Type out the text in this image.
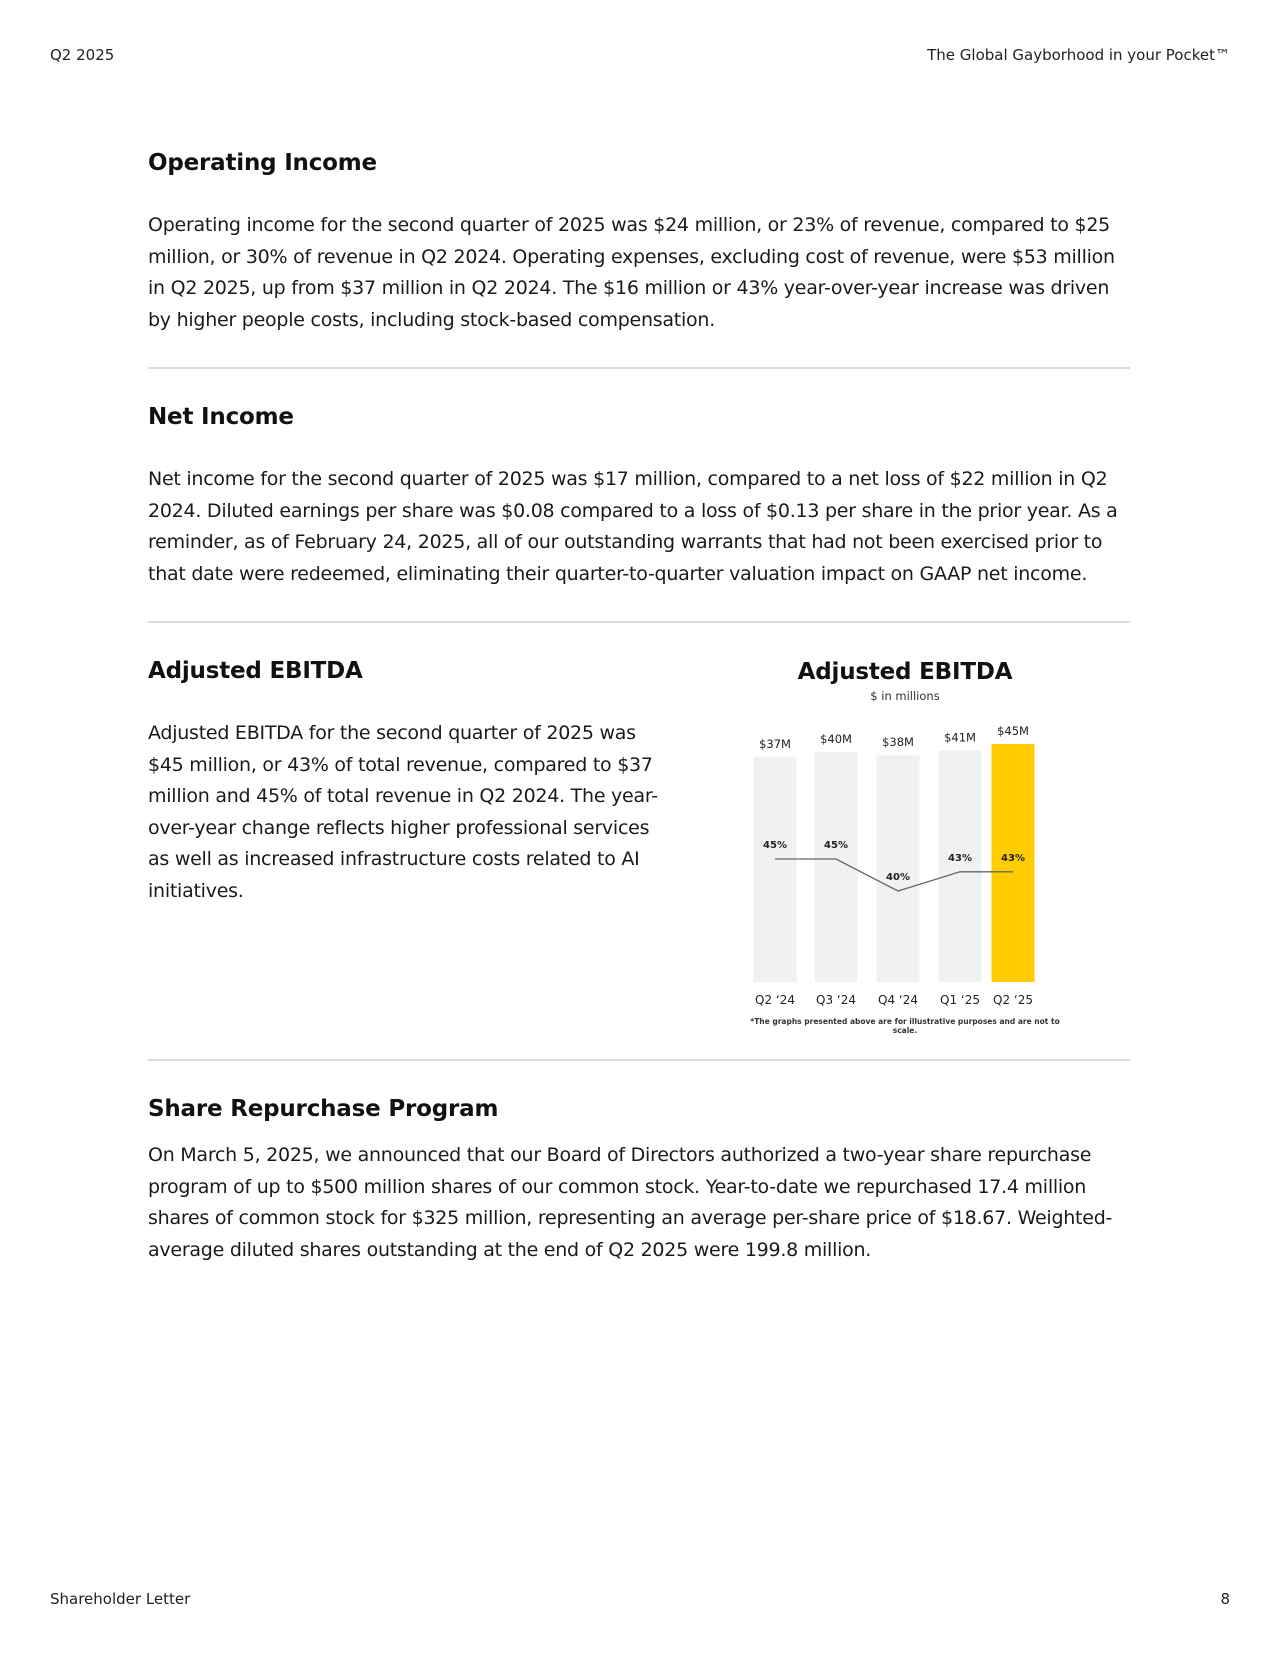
Q2 2025	The Global Gayborhood in your Pocket™
Operating Income

Operating income for the second quarter of 2025 was $24 million, or 23% of revenue, compared to $25 million, or 30% of revenue in Q2 2024. Operating expenses, excluding cost of revenue, were $53 million in Q2 2025, up from $37 million in Q2 2024. The $16 million or 43% year-over-year increase was driven by higher people costs, including stock-based compensation.

Net Income

Net income for the second quarter of 2025 was $17 million, compared to a net loss of $22 million in Q2 2024. Diluted earnings per share was $0.08 compared to a loss of $0.13 per share in the prior year. As a reminder, as of February 24, 2025, all of our outstanding warrants that had not been exercised prior to that date were redeemed, eliminating their quarter-to-quarter valuation impact on GAAP net income.

Adjusted EBITDA

Adjusted EBITDA for the second quarter of 2025 was $45 million, or 43% of total revenue, compared to $37 million and 45% of total revenue in Q2 2024. The year-over-year change reflects higher professional services as well as increased infrastructure costs related to AI initiatives.

$37M
Q2 ‘24
$40M
Q3 ‘24
$38M
Q4 ‘24
$41M
Q1 ‘25
$45M
Q2 ‘25
45%	45%
40%
43%	43%
Adjusted EBITDA
$ in millions
*The graphs presented above are for illustrative purposes and are not to scale.
Share Repurchase Program

On March 5, 2025, we announced that our Board of Directors authorized a two-year share repurchase program of up to $500 million shares of our common stock. Year-to-date we repurchased 17.4 million shares of common stock for $325 million, representing an average per-share price of $18.67. Weighted-average diluted shares outstanding at the end of Q2 2025 were 199.8 million.

Shareholder Letter	8
